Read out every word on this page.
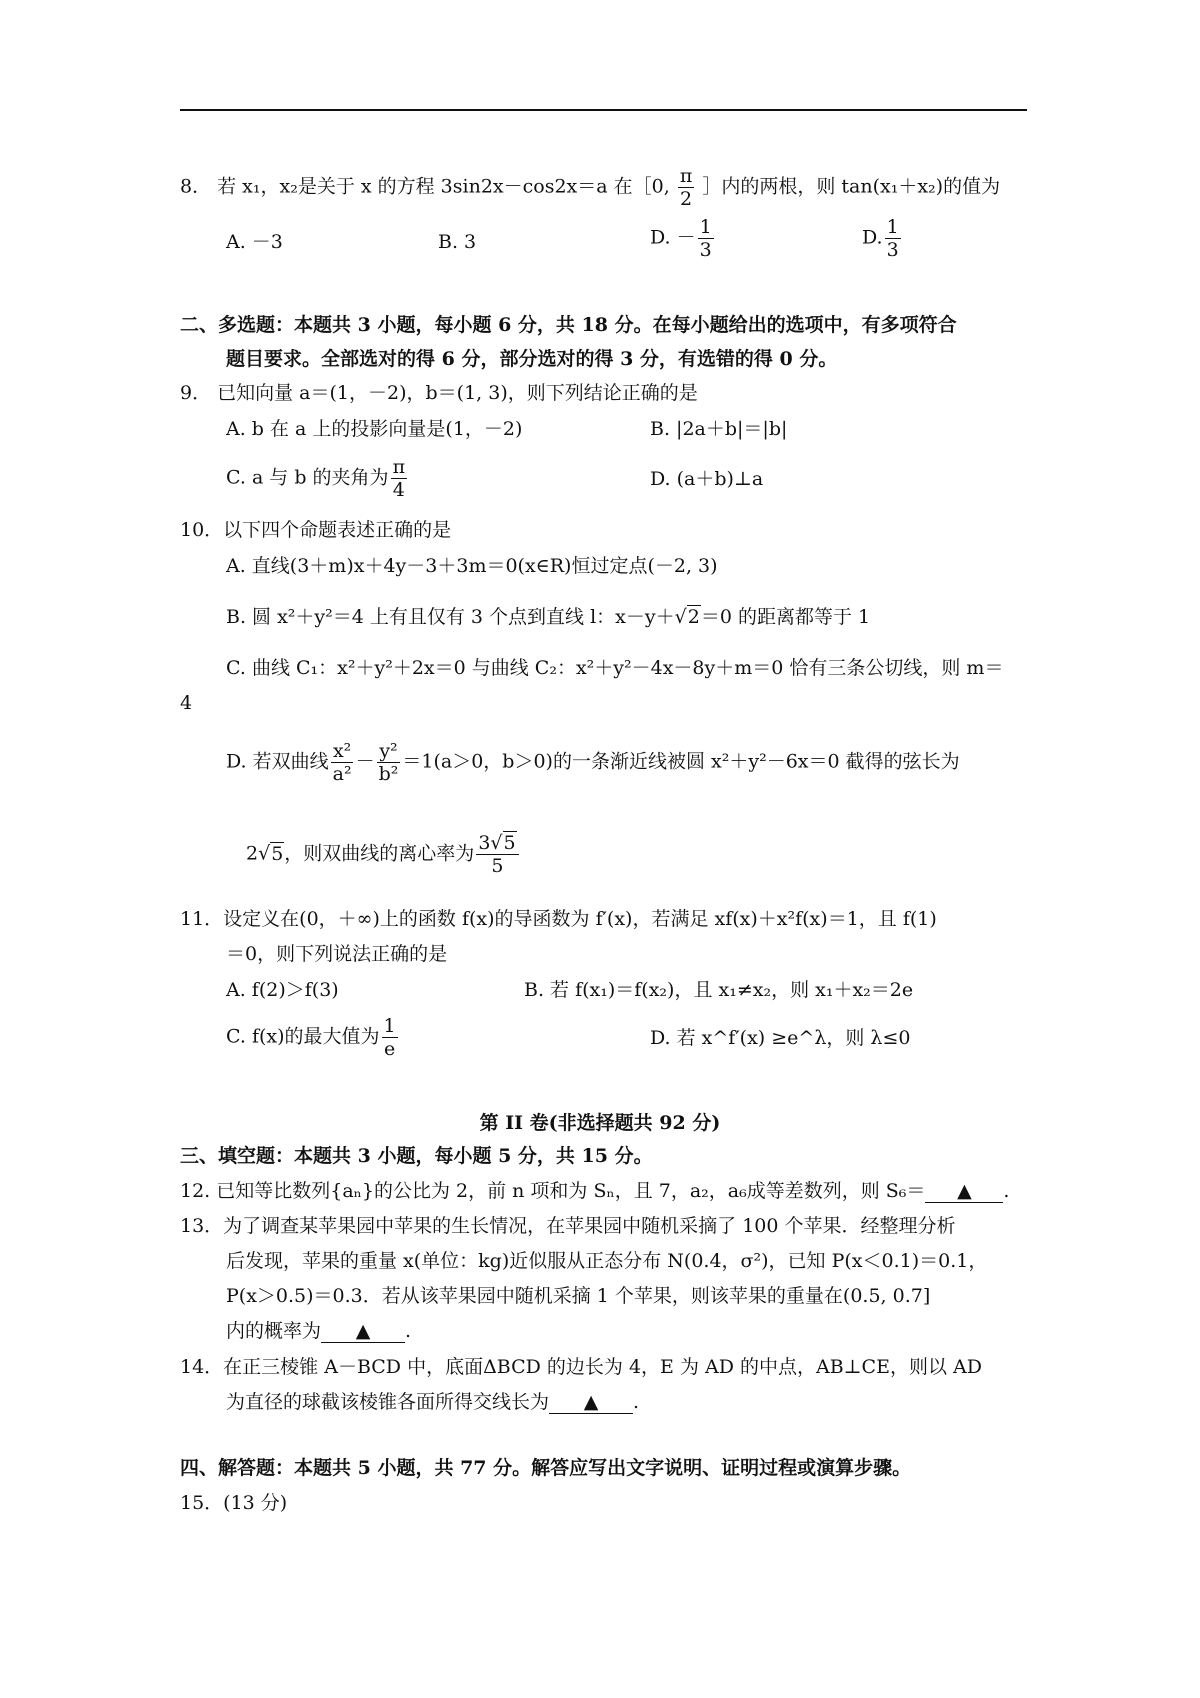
8． 若 x₁，x₂是关于 x 的方程 3sin2x－cos2x＝a 在［0, $\frac{\pi}{2}$ ］内的两根，则 tan(x₁＋x₂)的值为
A. －3	B. 3	D. － $\frac{1}{3}$	D. $\frac{1}{3}$
二、多选题：本题共 3 小题，每小题 6 分，共 18 分。在每小题给出的选项中，有多项符合
题目要求。全部选对的得 6 分，部分选对的得 3 分，有选错的得 0 分。
9． 已知向量 a＝(1，－2)，b＝(1, 3)，则下列结论正确的是
A. b 在 a 上的投影向量是(1，－2)	B. |2a＋b|＝|b|
C. a 与 b 的夹角为 $\frac{\pi}{4}$	D. (a＋b)⊥a
10．以下四个命题表述正确的是
A. 直线(3＋m)x＋4y－3＋3m＝0(x∈R)恒过定点(－2, 3)
B. 圆 x²＋y²＝4 上有且仅有 3 个点到直线 l：x－y＋√2＝0 的距离都等于 1
C. 曲线 C₁：x²＋y²＋2x＝0 与曲线 C₂：x²＋y²－4x－8y＋m＝0 恰有三条公切线，则 m＝
4
D. 若双曲线 $\frac{\text{x²}}{\text{a²}} - \frac{\text{y²}}{\text{b²}} =1(a>0$，b＞0)的一条渐近线被圆 x²＋y²－6x＝0 截得的弦长为
2√5，则双曲线的离心率为 $\frac{3√5}{5}$
11．设定义在(0，＋∞)上的函数 f(x)的导函数为 f′(x)，若满足 xf(x)＋x²f(x)＝1，且 f(1)
＝0，则下列说法正确的是
A. f(2)＞f(3)	B. 若 f(x₁)＝f(x₂)，且 x₁≠x₂，则 x₁＋x₂＝2e
C. f(x)的最大值为 $\frac{1}{e}$	D. 若 x^f′(x) ≥e^λ，则 λ≤0
第 II 卷(非选择题共 92 分)
三、填空题：本题共 3 小题，每小题 5 分，共 15 分。
12. 已知等比数列{aₙ}的公比为 2，前 n 项和为 Sₙ，且 7，a₂，a₆成等差数列，则 S₆＝ ▲ .
13．为了调查某苹果园中苹果的生长情况，在苹果园中随机采摘了 100 个苹果．经整理分析
后发现，苹果的重量 x(单位：kg)近似服从正态分布 N(0.4，σ²)，已知 P(x＜0.1)＝0.1，
P(x＞0.5)＝0.3．若从该苹果园中随机采摘 1 个苹果，则该苹果的重量在(0.5, 0.7]
内的概率为 ▲ .
14．在正三棱锥 A－BCD 中，底面ΔBCD 的边长为 4，E 为 AD 的中点，AB⊥CE，则以 AD
为直径的球截该棱锥各面所得交线长为 ▲ .
四、解答题：本题共 5 小题，共 77 分。解答应写出文字说明、证明过程或演算步骤。
15．(13 分)
